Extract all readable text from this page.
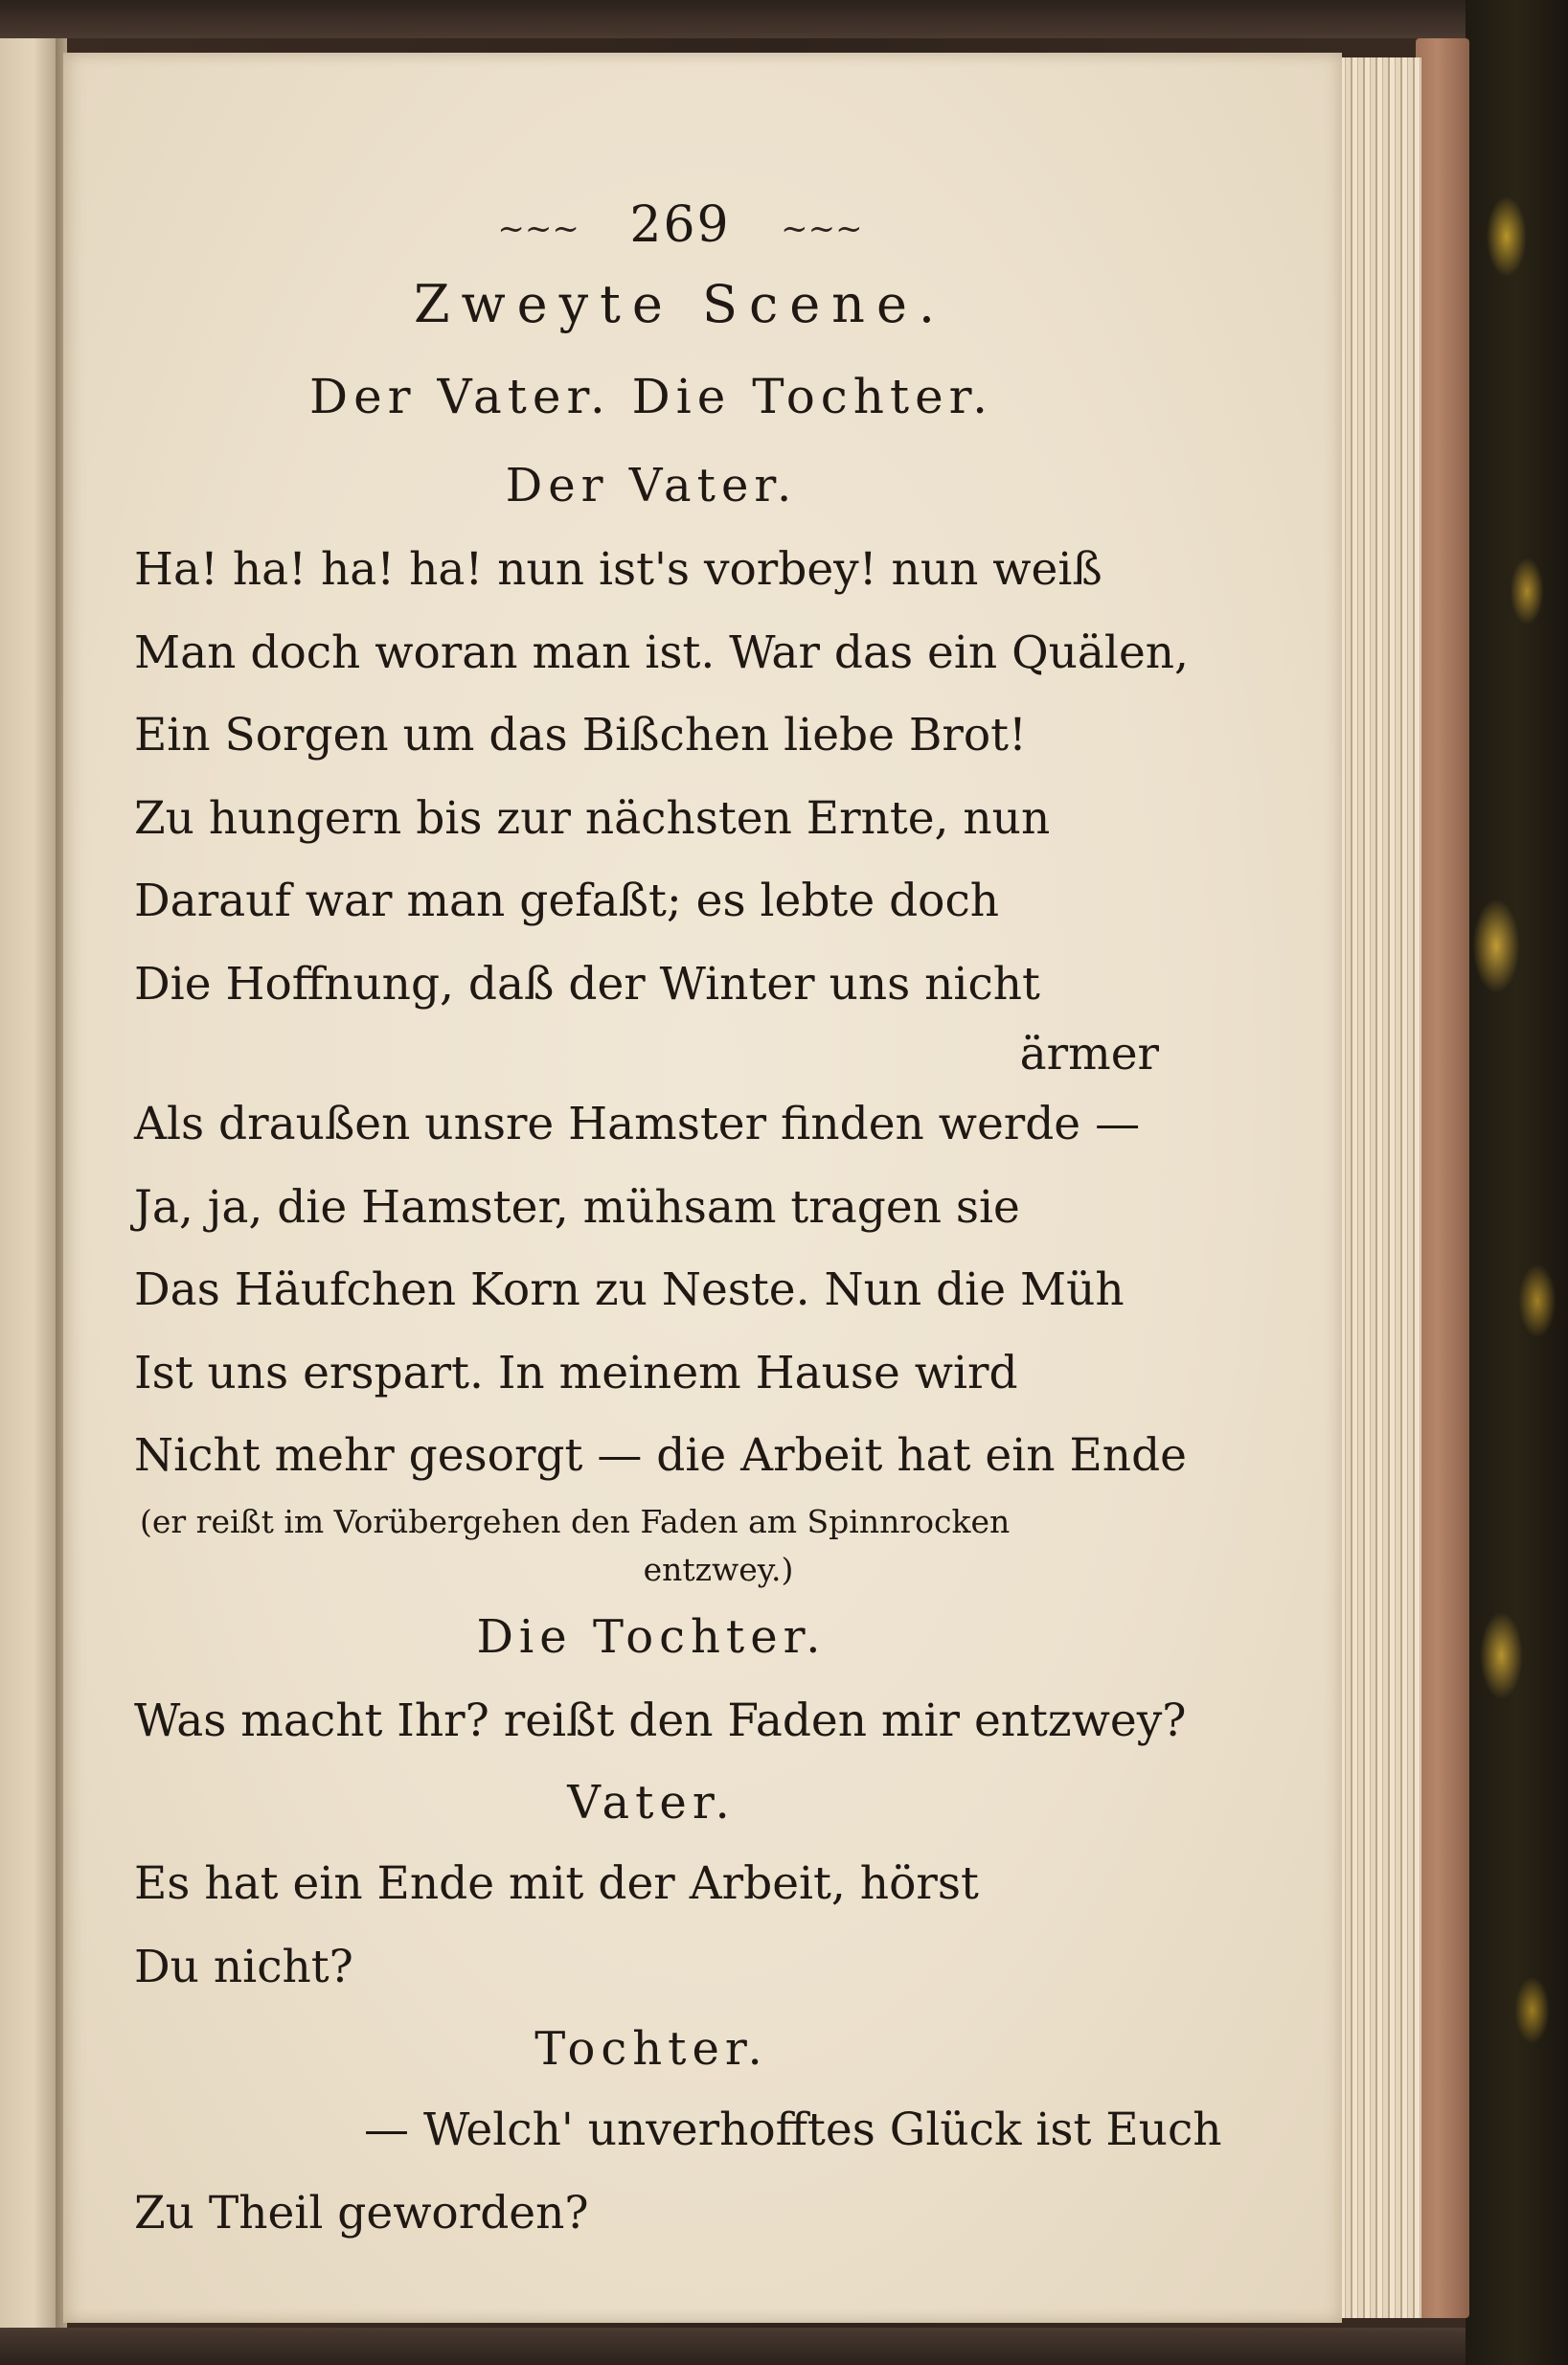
~~~ 269 ~~~
Zweyte Scene.
Der Vater. Die Tochter.
Der Vater.
Ha! ha! ha! ha! nun ist's vorbey! nun weiß
Man doch woran man ist. War das ein Quälen,
Ein Sorgen um das Bißchen liebe Brot!
Zu hungern bis zur nächsten Ernte, nun
Darauf war man gefaßt; es lebte doch
Die Hoffnung, daß der Winter uns nicht
ärmer
Als draußen unsre Hamster finden werde —
Ja, ja, die Hamster, mühsam tragen sie
Das Häufchen Korn zu Neste. Nun die Müh
Ist uns erspart. In meinem Hause wird
Nicht mehr gesorgt — die Arbeit hat ein Ende
(er reißt im Vorübergehen den Faden am Spinnrocken
entzwey.)
Die Tochter.
Was macht Ihr? reißt den Faden mir entzwey?
Vater.
Es hat ein Ende mit der Arbeit, hörst
Du nicht?
Tochter.
— Welch' unverhofftes Glück ist Euch
Zu Theil geworden?
